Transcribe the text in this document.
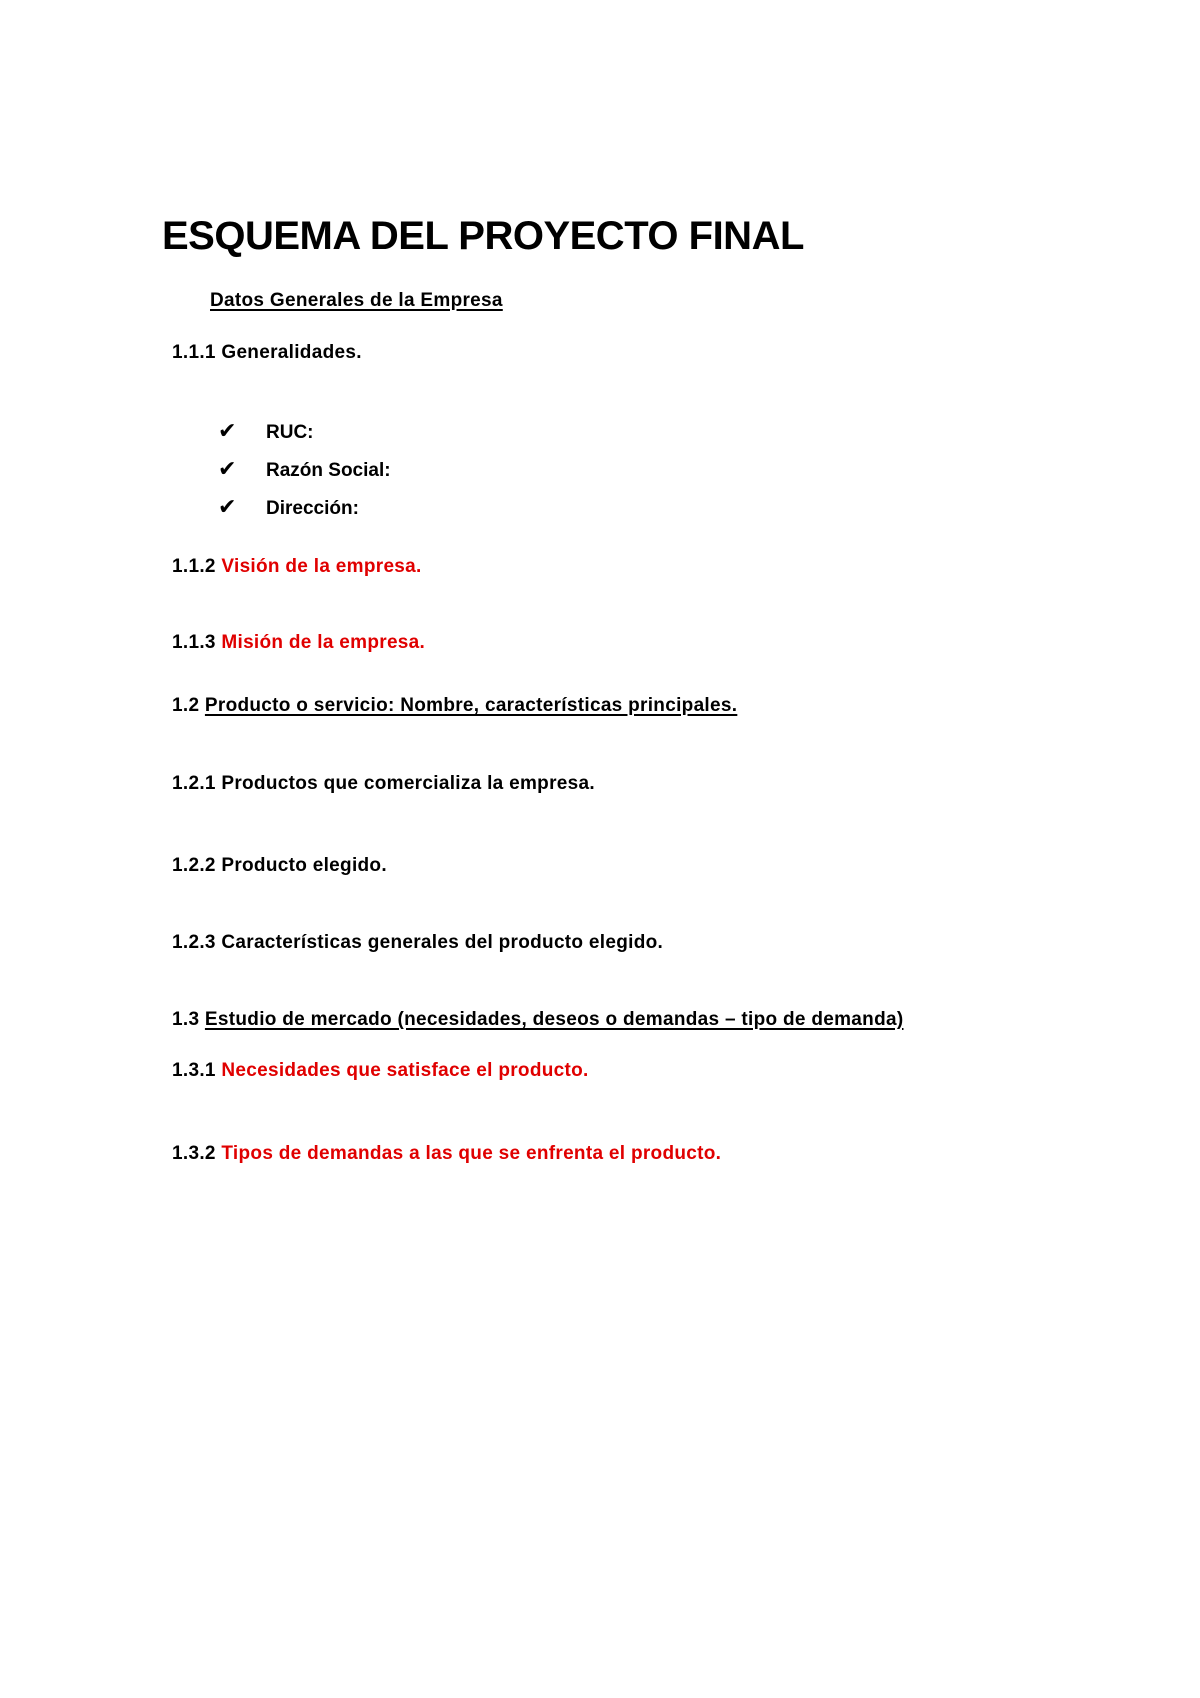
ESQUEMA DEL PROYECTO FINAL

Datos Generales de la Empresa

1.1.1 Generalidades.

✔	RUC:
✔	Razón Social:
✔	Dirección:

1.1.2 Visión de la empresa.

1.1.3 Misión de la empresa.

1.2 Producto o servicio: Nombre, características principales.

1.2.1 Productos que comercializa la empresa.

1.2.2 Producto elegido.

1.2.3 Características generales del producto elegido.

1.3 Estudio de mercado (necesidades, deseos o demandas – tipo de demanda)

1.3.1 Necesidades que satisface el producto.

1.3.2 Tipos de demandas a las que se enfrenta el producto.
